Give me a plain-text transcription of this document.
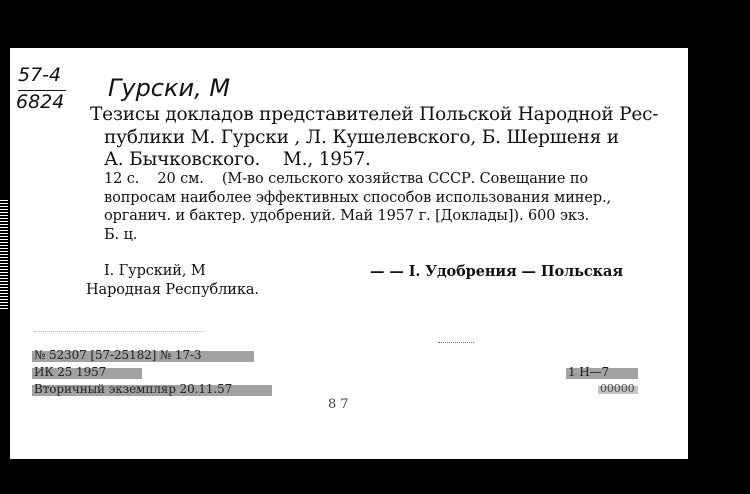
57-4
6824 Гурски, М
Тезисы докладов представителей Польской Народной Рес-
публики М. Гурски , Л. Кушелевского, Б. Шершеня и
А. Бычковского.    М., 1957.
12 с.    20 см.    (М-во сельского хозяйства СССР. Совещание по
вопросам наиболее эффективных способов использования минер.,
органич. и бактер. удобрений. Май 1957 г. [Доклады]). 600 экз.
Б. ц.
I. Гурский, М	— — I. Удобрения — Польская
Народная Республика.
№ 52307 [57-25182] № 17-3
ИК 25 1957
Вторичный экземпляр 20.11.57
8 7
1 Н—7
00000
